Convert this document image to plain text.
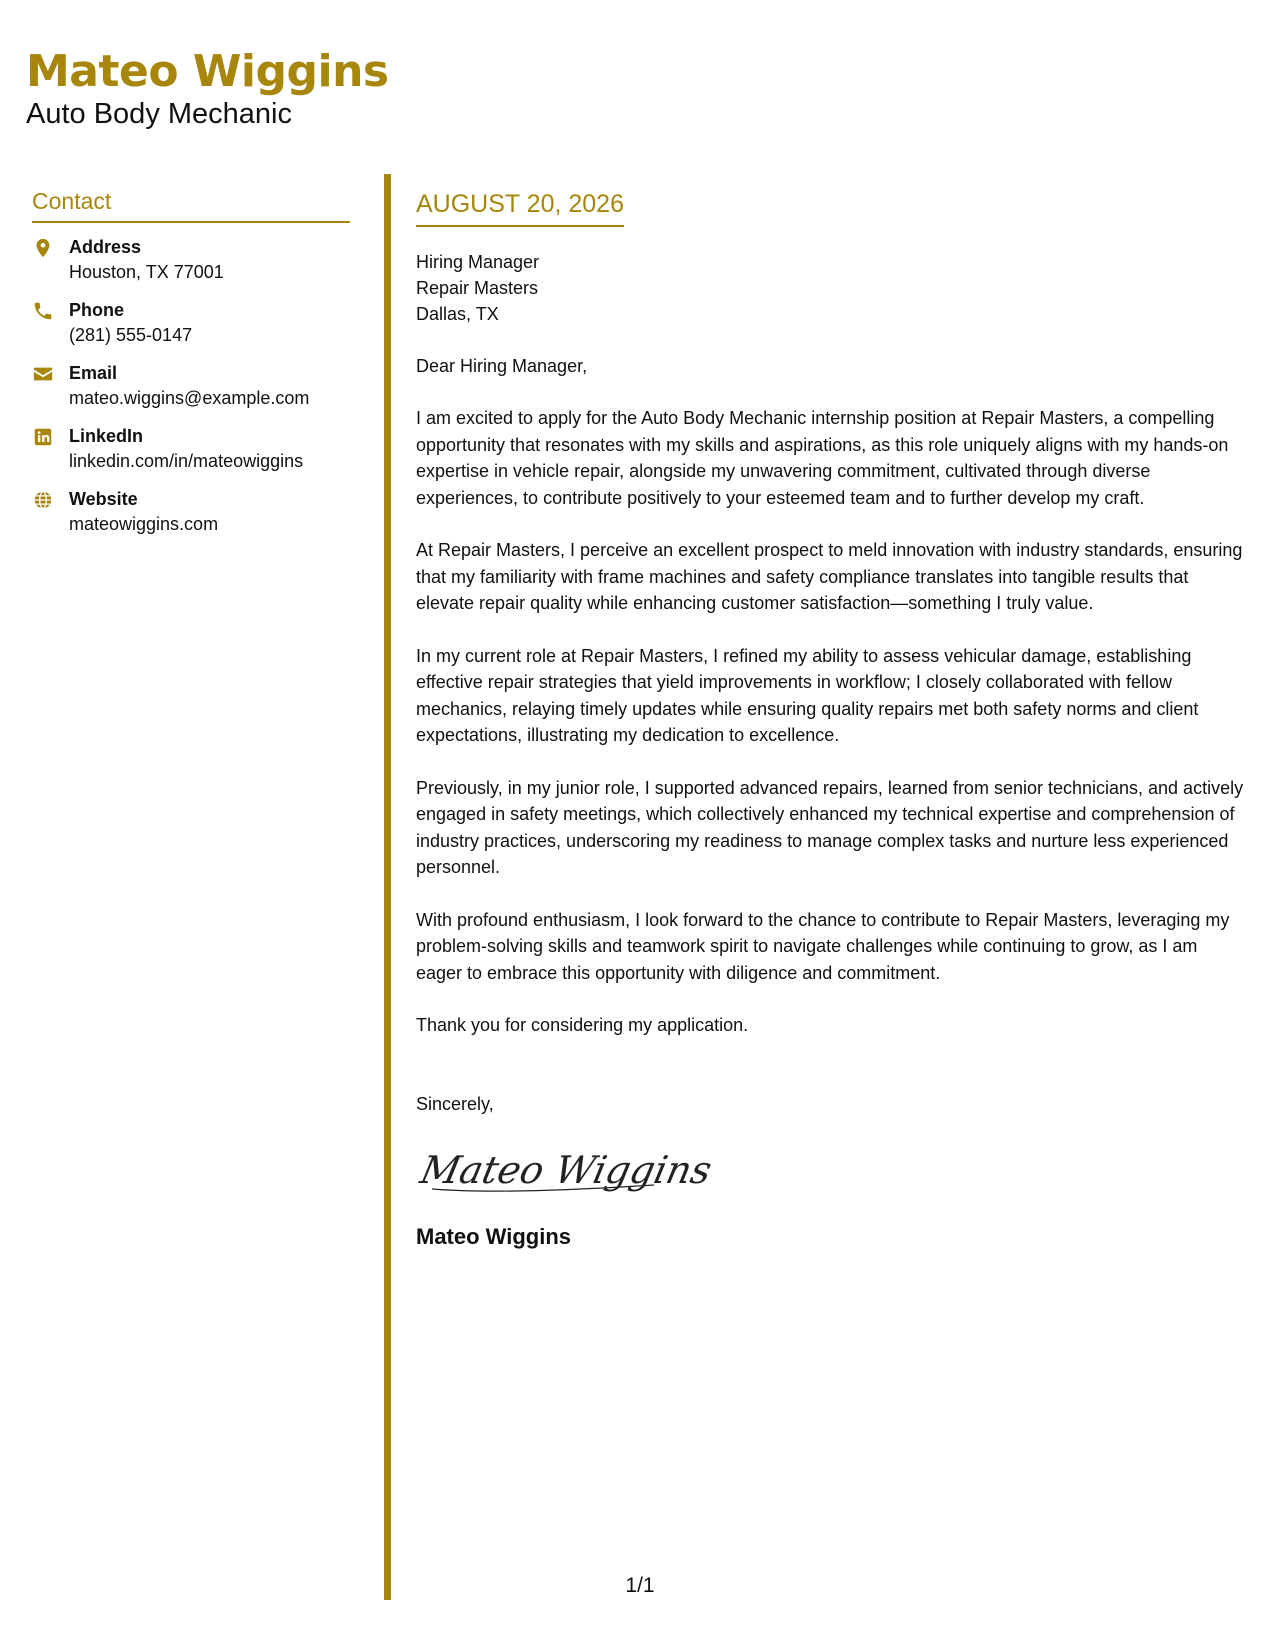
Mateo Wiggins
Auto Body Mechanic
Contact
Address
Houston, TX 77001
Phone
(281) 555-0147
Email
mateo.wiggins@example.com
LinkedIn
linkedin.com/in/mateowiggins
Website
mateowiggins.com
AUGUST 20, 2026
Hiring Manager
Repair Masters
Dallas, TX
Dear Hiring Manager,

I am excited to apply for the Auto Body Mechanic internship position at Repair Masters, a compelling opportunity that resonates with my skills and aspirations, as this role uniquely aligns with my hands-on expertise in vehicle repair, alongside my unwavering commitment, cultivated through diverse experiences, to contribute positively to your esteemed team and to further develop my craft.

At Repair Masters, I perceive an excellent prospect to meld innovation with industry standards, ensuring that my familiarity with frame machines and safety compliance translates into tangible results that elevate repair quality while enhancing customer satisfaction—something I truly value.

In my current role at Repair Masters, I refined my ability to assess vehicular damage, establishing effective repair strategies that yield improvements in workflow; I closely collaborated with fellow mechanics, relaying timely updates while ensuring quality repairs met both safety norms and client expectations, illustrating my dedication to excellence.

Previously, in my junior role, I supported advanced repairs, learned from senior technicians, and actively engaged in safety meetings, which collectively enhanced my technical expertise and comprehension of industry practices, underscoring my readiness to manage complex tasks and nurture less experienced personnel.

With profound enthusiasm, I look forward to the chance to contribute to Repair Masters, leveraging my problem-solving skills and teamwork spirit to navigate challenges while continuing to grow, as I am eager to embrace this opportunity with diligence and commitment.

Thank you for considering my application.

Sincerely,
Mateo Wiggins
Mateo Wiggins
1/1
